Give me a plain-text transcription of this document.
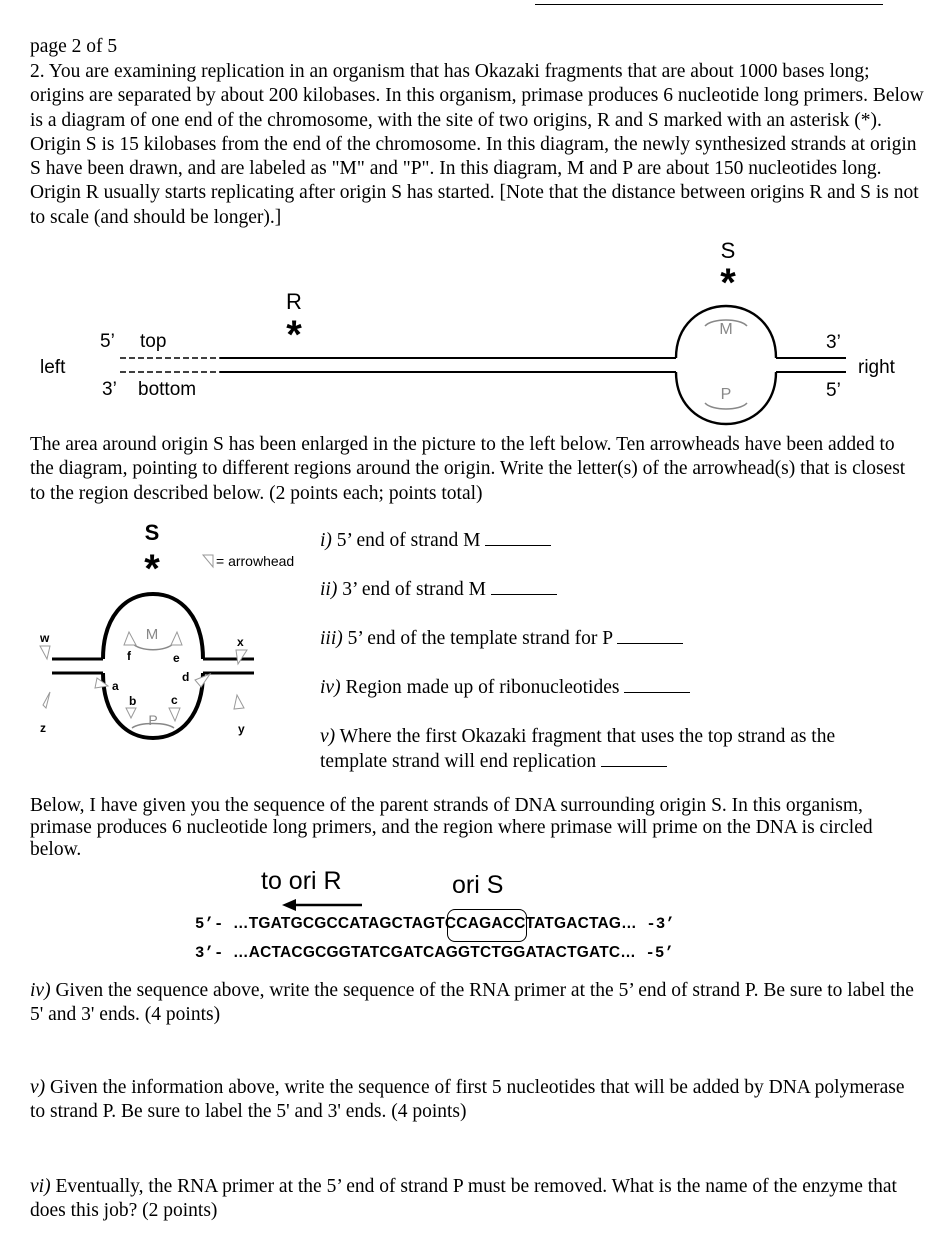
page 2 of 5
2. You are examining replication in an organism that has Okazaki fragments that are about 1000 bases long; origins are separated by about 200 kilobases. In this organism, primase produces 6 nucleotide long primers. Below is a diagram of one end of the chromosome, with the site of two origins, R and S marked with an asterisk (*). Origin S is 15 kilobases from the end of the chromosome. In this diagram, the newly synthesized strands at origin S have been drawn, and are labeled as "M" and "P". In this diagram, M and P are about 150 nucleotides long. Origin R usually starts replicating after origin S has started. [Note that the distance between origins R and S is not to scale (and should be longer).]
S
*
R
*
5’ top
left
3’ bottom
M
P
3’
right
5’
The area around origin S has been enlarged in the picture to the left below. Ten arrowheads have been added to the diagram, pointing to different regions around the origin. Write the letter(s) of the arrowhead(s) that is closest to the region described below. (2 points each; points total)
S
*	= arrowhead
M
P
w	x
f	e
a
d
b	c
z	y
i) 5’ end of strand M
ii) 3’ end of strand M
iii) 5’ end of the template strand for P
iv) Region made up of ribonucleotides
v) Where the first Okazaki fragment that uses the top strand as the
template strand will end replication
Below, I have given you the sequence of the parent strands of DNA surrounding origin S. In this organism, primase produces 6 nucleotide long primers, and the region where primase will prime on the DNA is circled below.
to ori R	ori S
5’- …TGATGCGCCATAGCTAGTCCAGACCTATGACTAG… -3’
3’- …ACTACGCGGTATCGATCAGGTCTGGATACTGATC… -5’
iv) Given the sequence above, write the sequence of the RNA primer at the 5’ end of strand P. Be sure to label the 5' and 3' ends. (4 points)
v) Given the information above, write the sequence of first 5 nucleotides that will be added by DNA polymerase to strand P. Be sure to label the 5' and 3' ends. (4 points)
vi) Eventually, the RNA primer at the 5’ end of strand P must be removed. What is the name of the enzyme that does this job? (2 points)
